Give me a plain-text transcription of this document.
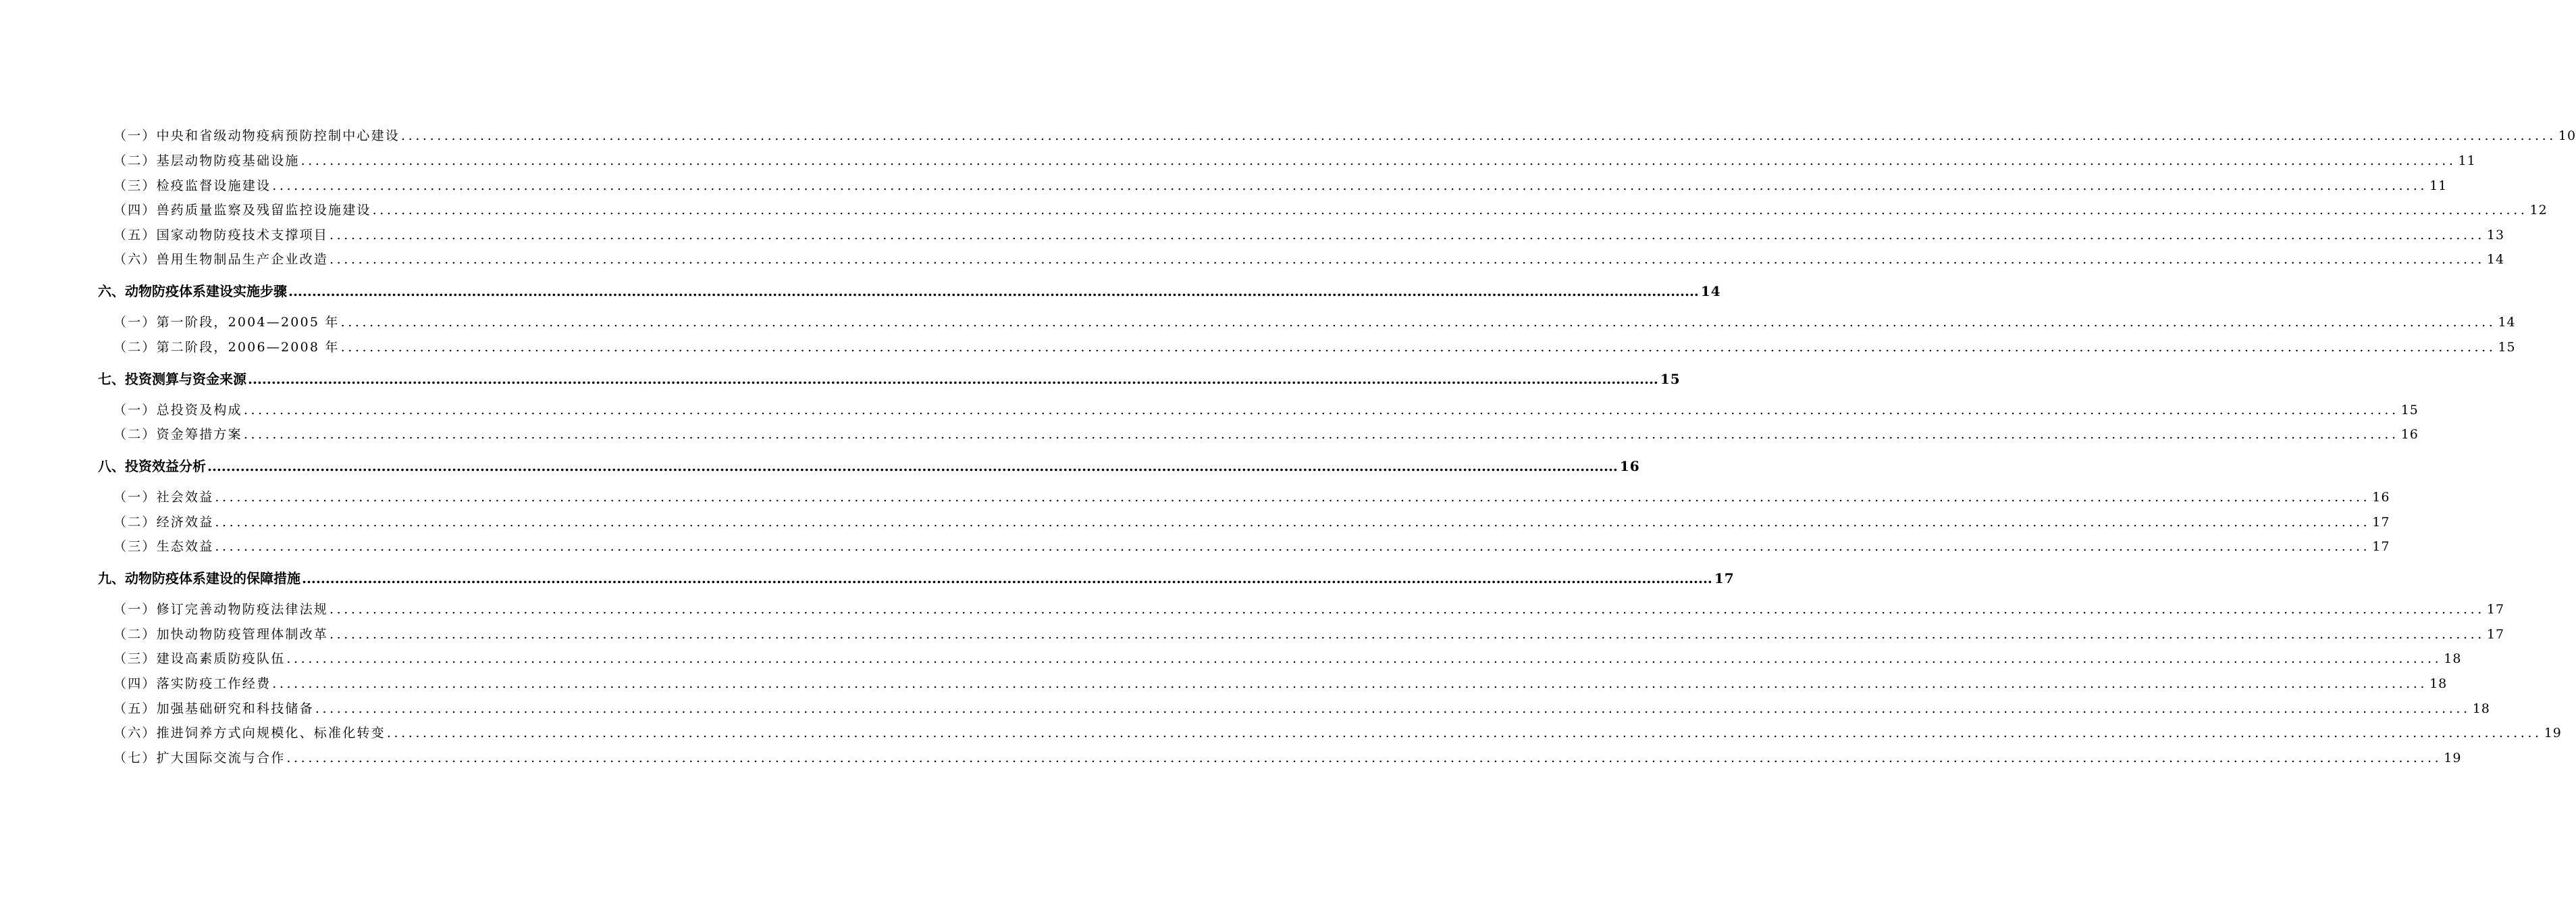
（一）中央和省级动物疫病预防控制中心建设 ............................................................................................................................................................................................................................................................................................................ 10
（二）基层动物防疫基础设施 ............................................................................................................................................................................................................................................................................................................ 11
（三）检疫监督设施建设 ............................................................................................................................................................................................................................................................................................................ 11
（四）兽药质量监察及残留监控设施建设 ............................................................................................................................................................................................................................................................................................................ 12
（五）国家动物防疫技术支撑项目 ............................................................................................................................................................................................................................................................................................................ 13
（六）兽用生物制品生产企业改造 ............................................................................................................................................................................................................................................................................................................ 14
六、动物防疫体系建设实施步骤 ............................................................................................................................................................................................................................................................................................................ 14
（一）第一阶段，2004—2005 年 ............................................................................................................................................................................................................................................................................................................ 14
（二）第二阶段，2006—2008 年 ............................................................................................................................................................................................................................................................................................................ 15
七、投资测算与资金来源 ............................................................................................................................................................................................................................................................................................................ 15
（一）总投资及构成 ............................................................................................................................................................................................................................................................................................................ 15
（二）资金筹措方案 ............................................................................................................................................................................................................................................................................................................ 16
八、投资效益分析 ............................................................................................................................................................................................................................................................................................................ 16
（一）社会效益 ............................................................................................................................................................................................................................................................................................................ 16
（二）经济效益 ............................................................................................................................................................................................................................................................................................................ 17
（三）生态效益 ............................................................................................................................................................................................................................................................................................................ 17
九、动物防疫体系建设的保障措施 ............................................................................................................................................................................................................................................................................................................ 17
（一）修订完善动物防疫法律法规 ............................................................................................................................................................................................................................................................................................................ 17
（二）加快动物防疫管理体制改革 ............................................................................................................................................................................................................................................................................................................ 17
（三）建设高素质防疫队伍 ............................................................................................................................................................................................................................................................................................................ 18
（四）落实防疫工作经费 ............................................................................................................................................................................................................................................................................................................ 18
（五）加强基础研究和科技储备 ............................................................................................................................................................................................................................................................................................................ 18
（六）推进饲养方式向规模化、标准化转变 ............................................................................................................................................................................................................................................................................................................ 19
（七）扩大国际交流与合作 ............................................................................................................................................................................................................................................................................................................ 19
